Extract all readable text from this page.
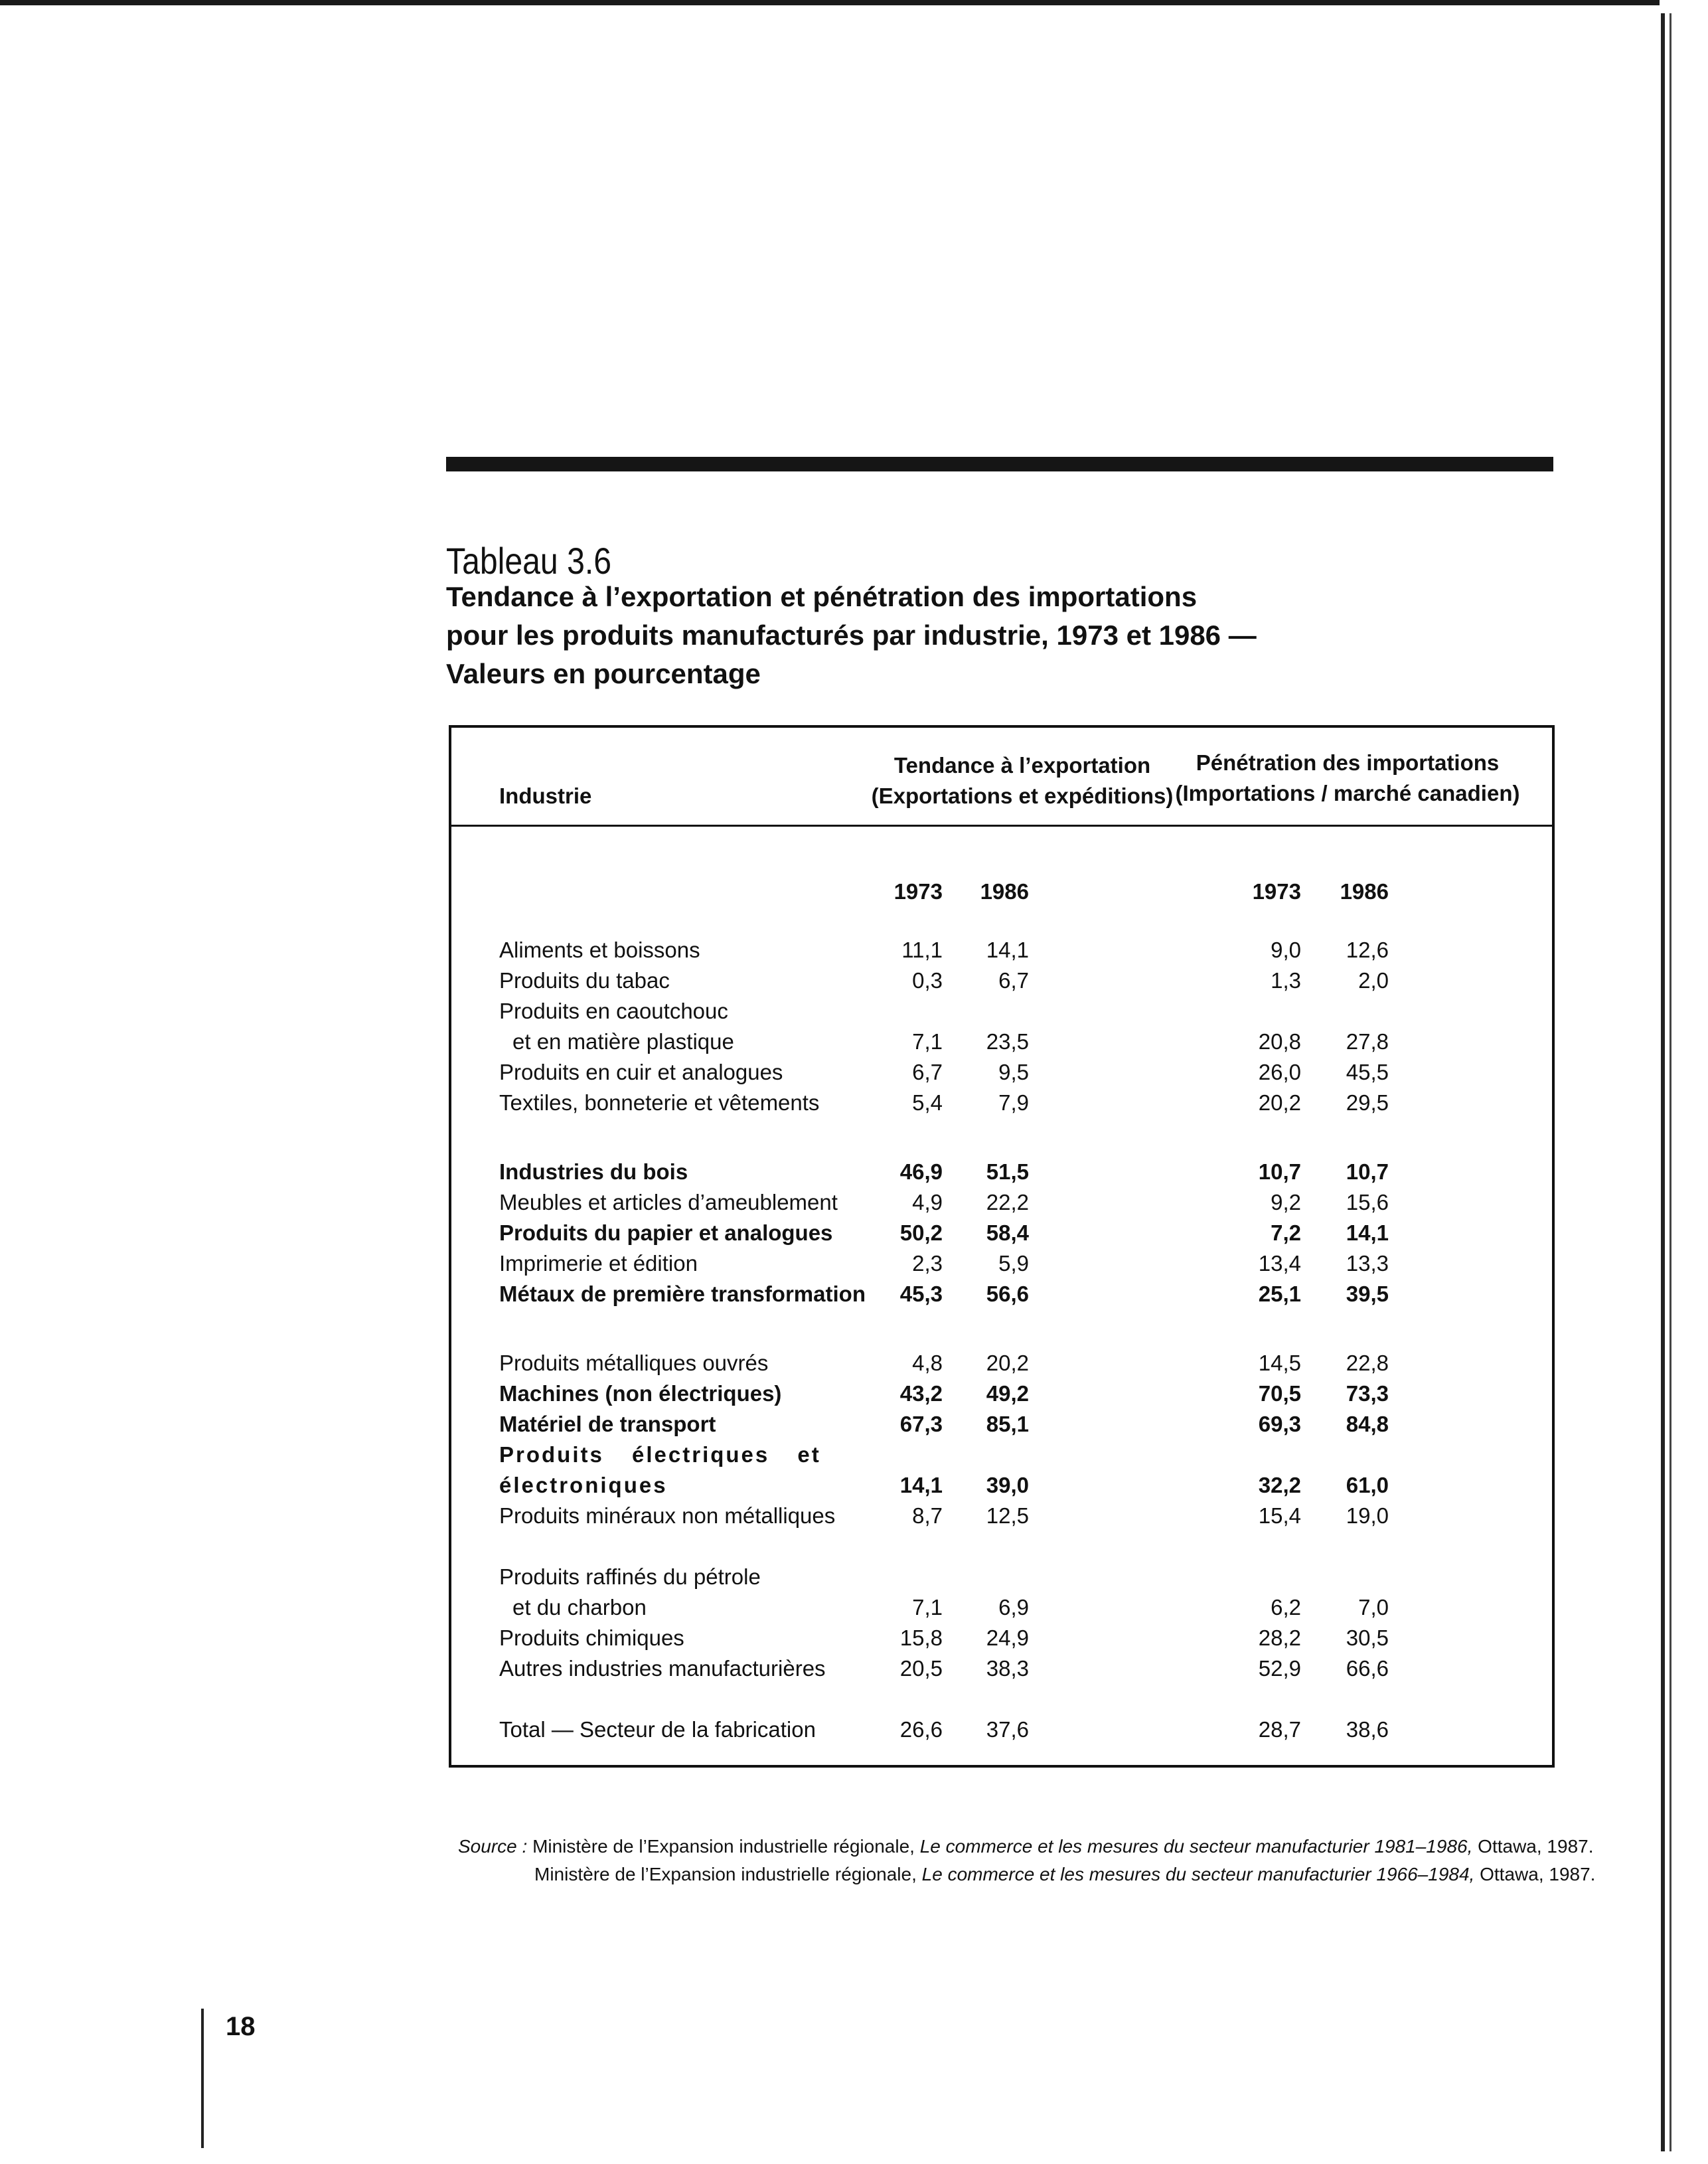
Tableau 3.6
Tendance à l’exportation et pénétration des importations
pour les produits manufacturés par industrie, 1973 et 1986 —
Valeurs en pourcentage
Industrie
Tendance à l’exportation
(Exportations et expéditions)
Pénétration des importations
(Importations / marché canadien)
1973	1986	1973	1986
Aliments et boissons	11,1	14,1	9,0	12,6
Produits du tabac	0,3	6,7	1,3	2,0
Produits en caoutchouc
et en matière plastique	7,1	23,5	20,8	27,8
Produits en cuir et analogues	6,7	9,5	26,0	45,5
Textiles, bonneterie et vêtements	5,4	7,9	20,2	29,5
Industries du bois	46,9	51,5	10,7	10,7
Meubles et articles d’ameublement	4,9	22,2	9,2	15,6
Produits du papier et analogues	50,2	58,4	7,2	14,1
Imprimerie et édition	2,3	5,9	13,4	13,3
Métaux de première transformation	45,3	56,6	25,1	39,5
Produits métalliques ouvrés	4,8	20,2	14,5	22,8
Machines (non électriques)	43,2	49,2	70,5	73,3
Matériel de transport	67,3	85,1	69,3	84,8
Produits électriques et
électroniques	14,1	39,0	32,2	61,0
Produits minéraux non métalliques	8,7	12,5	15,4	19,0
Produits raffinés du pétrole
et du charbon	7,1	6,9	6,2	7,0
Produits chimiques	15,8	24,9	28,2	30,5
Autres industries manufacturières	20,5	38,3	52,9	66,6
Total — Secteur de la fabrication	26,6	37,6	28,7	38,6
Source : Ministère de l’Expansion industrielle régionale, Le commerce et les mesures du secteur manufacturier 1981–1986, Ottawa, 1987.
Ministère de l’Expansion industrielle régionale, Le commerce et les mesures du secteur manufacturier 1966–1984, Ottawa, 1987.
18
